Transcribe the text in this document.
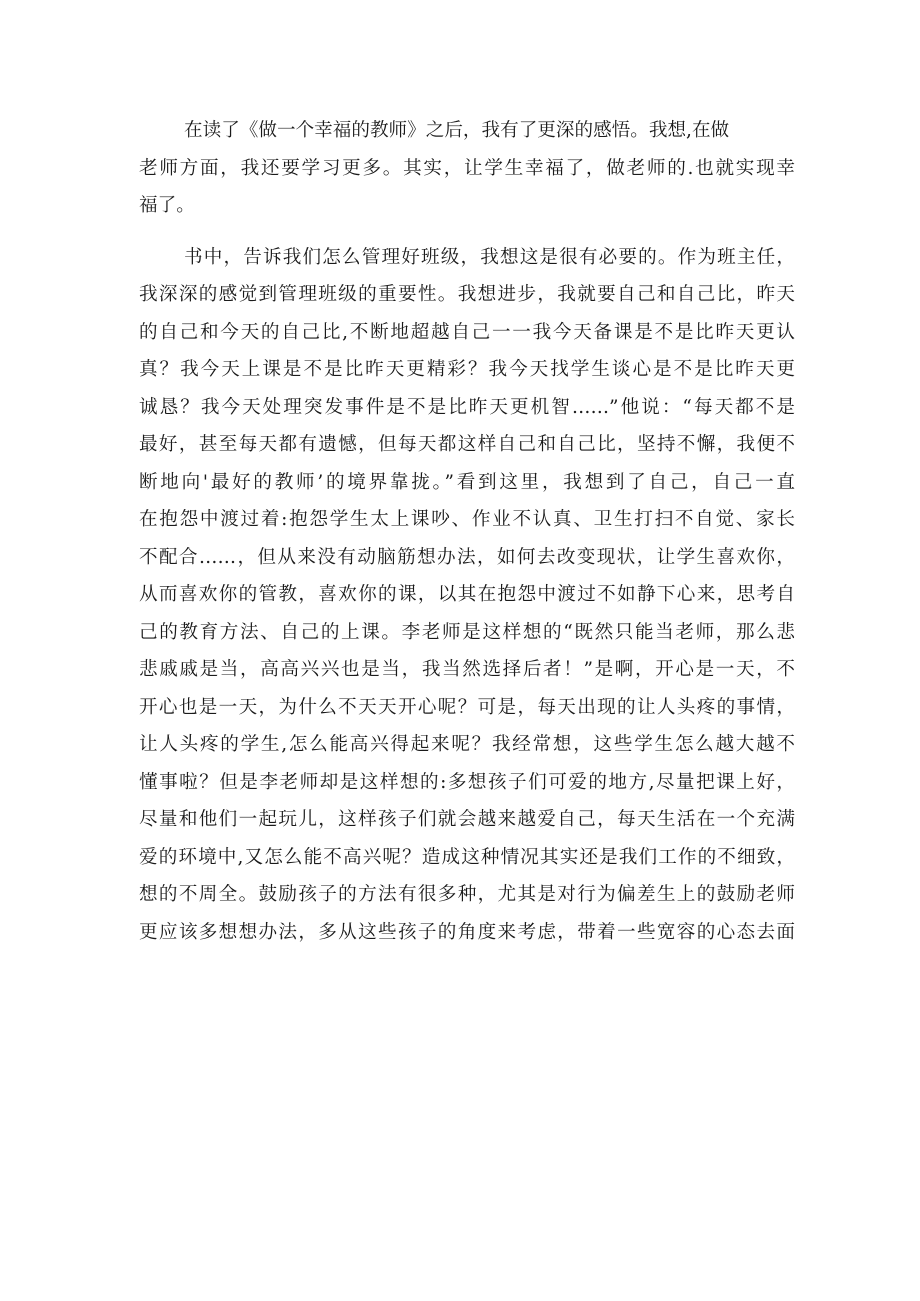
在读了《做一个幸福的教师》之后，我有了更深的感悟。我想,在做
老师方面，我还要学习更多。其实，让学生幸福了，做老师的.也就实现幸
福了。
书中，告诉我们怎么管理好班级，我想这是很有必要的。作为班主任，
我深深的感觉到管理班级的重要性。我想进步，我就要自己和自己比，昨天
的自己和今天的自己比,不断地超越自己一一我今天备课是不是比昨天更认
真？我今天上课是不是比昨天更精彩？我今天找学生谈心是不是比昨天更
诚恳？我今天处理突发事件是不是比昨天更机智……”他说：“每天都不是
最好，甚至每天都有遗憾，但每天都这样自己和自己比，坚持不懈，我便不
断地向'最好的教师’的境界靠拢。”看到这里，我想到了自己，自己一直
在抱怨中渡过着:抱怨学生太上课吵、作业不认真、卫生打扫不自觉、家长
不配合……，但从来没有动脑筋想办法，如何去改变现状，让学生喜欢你，
从而喜欢你的管教，喜欢你的课，以其在抱怨中渡过不如静下心来，思考自
己的教育方法、自己的上课。李老师是这样想的“既然只能当老师，那么悲
悲戚戚是当，高高兴兴也是当，我当然选择后者！”是啊，开心是一天，不
开心也是一天，为什么不天天开心呢？可是，每天出现的让人头疼的事情，
让人头疼的学生,怎么能高兴得起来呢？我经常想，这些学生怎么越大越不
懂事啦？但是李老师却是这样想的:多想孩子们可爱的地方,尽量把课上好，
尽量和他们一起玩儿，这样孩子们就会越来越爱自己，每天生活在一个充满
爱的环境中,又怎么能不高兴呢？造成这种情况其实还是我们工作的不细致，
想的不周全。鼓励孩子的方法有很多种，尤其是对行为偏差生上的鼓励老师
更应该多想想办法，多从这些孩子的角度来考虑，带着一些宽容的心态去面
